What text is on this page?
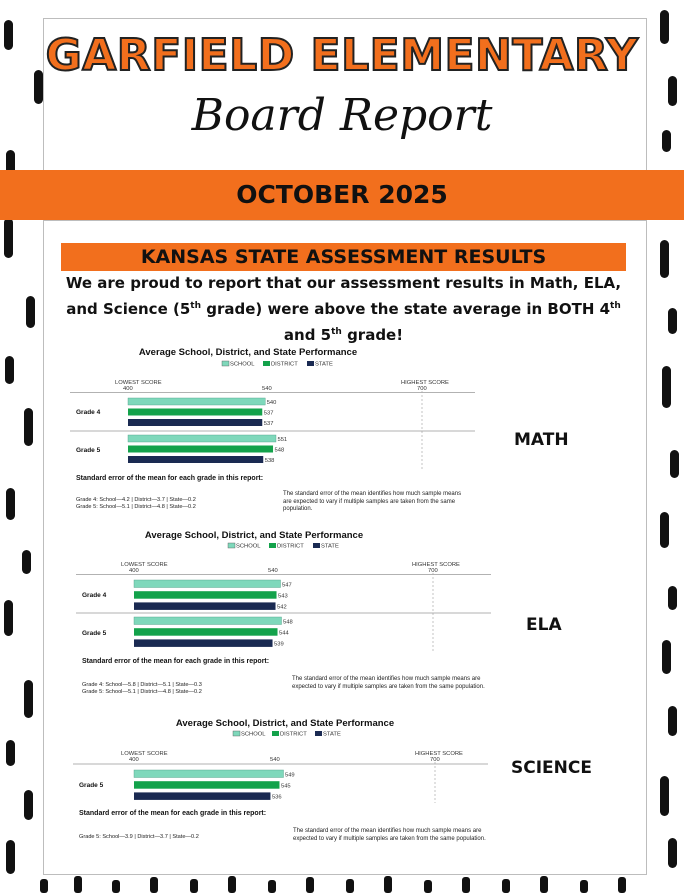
GARFIELD ELEMENTARY
Board Report
OCTOBER 2025
KANSAS STATE ASSESSMENT RESULTS
We are proud to report that our assessment results in Math, ELA, and Science (5th grade) were above the state average in BOTH 4th and 5th grade!
Average School, District, and State Performance
SCHOOL	DISTRICT	STATE
LOWEST SCORE
400	540
HIGHEST SCORE
700
Grade 4
Grade 5
540
537
537
551
548
538
MATH
Standard error of the mean for each grade in this report:
Grade 4: School—4.2 | District—3.7 | State—0.2
Grade 5: School—5.1 | District—4.8 | State—0.2
The standard error of the mean identifies how much sample means are expected to vary if multiple samples are taken from the same population.
Average School, District, and State Performance
SCHOOL	DISTRICT	STATE
LOWEST SCORE
400	540
HIGHEST SCORE
700
Grade 4
Grade 5
547
543
542
548
544
539
ELA
Standard error of the mean for each grade in this report:
Grade 4: School—5.8 | District—5.1 | State—0.3
Grade 5: School—5.1 | District—4.8 | State—0.2
The standard error of the mean identifies how much sample means are expected to vary if multiple samples are taken from the same population.
Average School, District, and State Performance
SCHOOL	DISTRICT	STATE
LOWEST SCORE
400	540
HIGHEST SCORE
700
Grade 5
549
545
536
SCIENCE
Standard error of the mean for each grade in this report:
Grade 5: School—3.9 | District—3.7 | State—0.2
The standard error of the mean identifies how much sample means are expected to vary if multiple samples are taken from the same population.
